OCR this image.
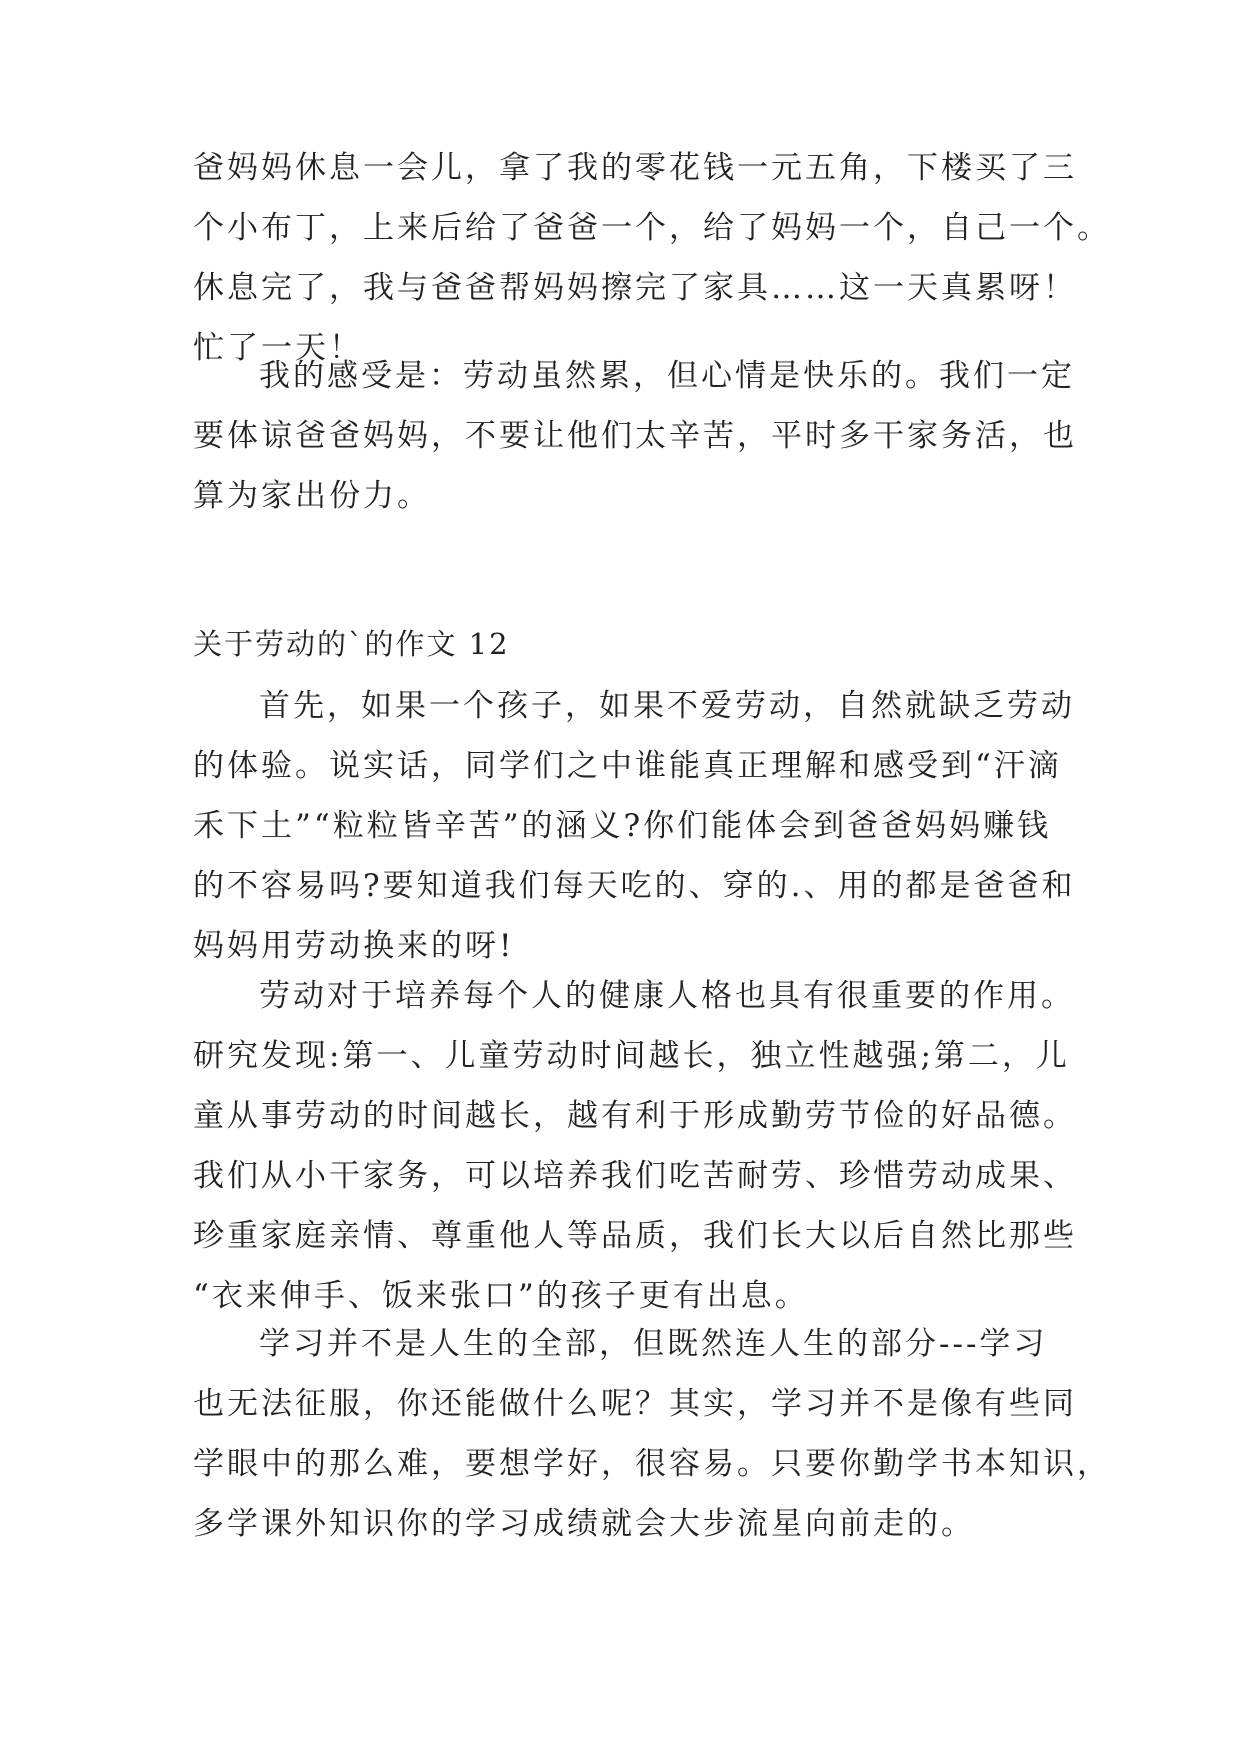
爸妈妈休息一会儿，拿了我的零花钱一元五角，下楼买了三
个小布丁，上来后给了爸爸一个，给了妈妈一个，自己一个。
休息完了，我与爸爸帮妈妈擦完了家具……这一天真累呀！
忙了一天！
我的感受是：劳动虽然累，但心情是快乐的。我们一定
要体谅爸爸妈妈，不要让他们太辛苦，平时多干家务活，也
算为家出份力。
关于劳动的`的作文 12
首先，如果一个孩子，如果不爱劳动，自然就缺乏劳动
的体验。说实话，同学们之中谁能真正理解和感受到“汗滴
禾下土”“粒粒皆辛苦”的涵义?你们能体会到爸爸妈妈赚钱
的不容易吗?要知道我们每天吃的、穿的.、用的都是爸爸和
妈妈用劳动换来的呀!
劳动对于培养每个人的健康人格也具有很重要的作用。
研究发现:第一、儿童劳动时间越长，独立性越强;第二，儿
童从事劳动的时间越长，越有利于形成勤劳节俭的好品德。
我们从小干家务，可以培养我们吃苦耐劳、珍惜劳动成果、
珍重家庭亲情、尊重他人等品质，我们长大以后自然比那些
“衣来伸手、饭来张口”的孩子更有出息。
学习并不是人生的全部，但既然连人生的部分---学习
也无法征服，你还能做什么呢？其实，学习并不是像有些同
学眼中的那么难，要想学好，很容易。只要你勤学书本知识，
多学课外知识你的学习成绩就会大步流星向前走的。
